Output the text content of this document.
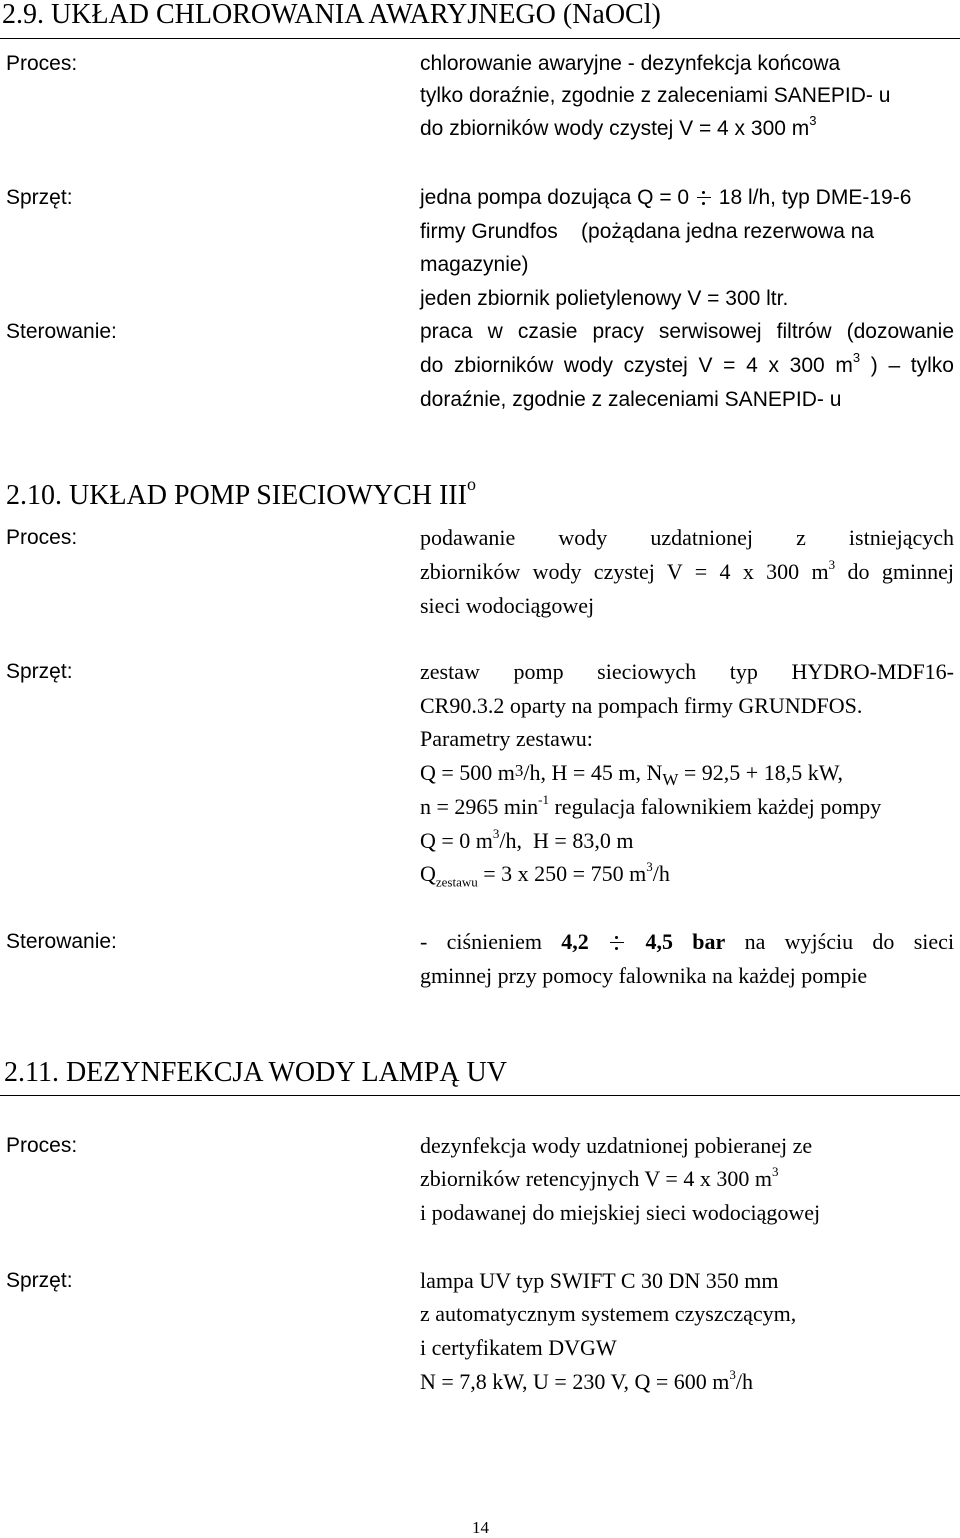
2.9. UKŁAD CHLOROWANIA AWARYJNEGO (NaOCl)
Proces:	chlorowanie awaryjne - dezynfekcja końcowa
tylko doraźnie, zgodnie z zaleceniami SANEPID- u
do zbiorników wody czystej V = 4 x 300 $m^3$
Sprzęt:	jedna pompa dozująca Q = 0 18 l/h, typ DME-19-6
firmy Grundfos    (pożądana jedna rezerwowa na
magazynie)
jeden zbiornik polietylenowy V = 300 ltr.
Sterowanie:	praca w czasie pracy serwisowej filtrów (dozowanie
do zbiorników wody czystej V = 4 x 300 $m^3$ ) – tylko
doraźnie, zgodnie z zaleceniami SANEPID- u
2.10. UKŁAD POMP SIECIOWYCH III$^o$
Proces:	podawanie wody uzdatnionej z istniejących
zbiorników wody czystej V = 4 x 300 $m^3$ do gminnej
sieci wodociągowej
Sprzęt:	zestaw pomp sieciowych typ HYDRO-MDF16-
CR90.3.2 oparty na pompach firmy GRUNDFOS.
Parametry zestawu:
Q = 500 m3/h, H = 45 m, $N_W = 92,5 + 18,5$ kW,
n = 2965 $\min^{-1}$ regulacja falownikiem każdej pompy
Q = 0 $m^3/h$,  H = 83,0 m
$Q_{zestawu} = 3$ x 250 = 750 $m^3/h$
Sterowanie:	- ciśnieniem 4,2	4,5 bar na wyjściu do sieci
gminnej przy pomocy falownika na każdej pompie
2.11. DEZYNFEKCJA WODY LAMPĄ UV
Proces:	dezynfekcja wody uzdatnionej pobieranej ze
zbiorników retencyjnych V = 4 x 300 $m^3$
i podawanej do miejskiej sieci wodociągowej
Sprzęt:	lampa UV typ SWIFT C 30 DN 350 mm
z automatycznym systemem czyszczącym,
i certyfikatem DVGW
N = 7,8 kW, U = 230 V, Q = 600 $m^3/h$
14
